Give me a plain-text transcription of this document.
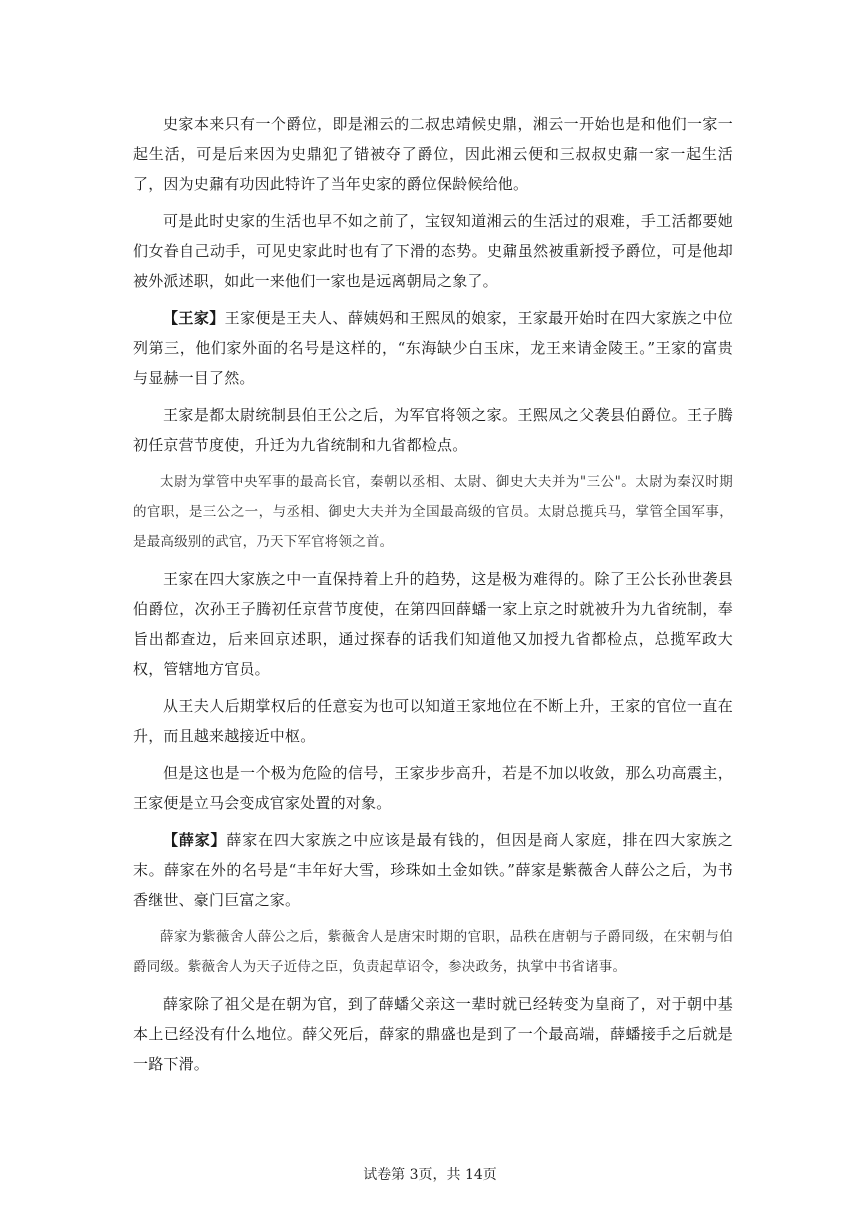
史家本来只有一个爵位，即是湘云的二叔忠靖候史鼎，湘云一开始也是和他们一家一起生活，可是后来因为史鼎犯了错被夺了爵位，因此湘云便和三叔叔史鼐一家一起生活了，因为史鼐有功因此特许了当年史家的爵位保龄候给他。

可是此时史家的生活也早不如之前了，宝钗知道湘云的生活过的艰难，手工活都要她们女眷自己动手，可见史家此时也有了下滑的态势。史鼐虽然被重新授予爵位，可是他却被外派述职，如此一来他们一家也是远离朝局之象了。

【王家】王家便是王夫人、薛姨妈和王熙凤的娘家，王家最开始时在四大家族之中位列第三，他们家外面的名号是这样的，“东海缺少白玉床，龙王来请金陵王。”王家的富贵与显赫一目了然。

王家是都太尉统制县伯王公之后，为军官将领之家。王熙凤之父袭县伯爵位。王子腾初任京营节度使，升迁为九省统制和九省都检点。

太尉为掌管中央军事的最高长官，秦朝以丞相、太尉、御史大夫并为"三公"。太尉为秦汉时期的官职，是三公之一，与丞相、御史大夫并为全国最高级的官员。太尉总揽兵马，掌管全国军事，是最高级别的武官，乃天下军官将领之首。

王家在四大家族之中一直保持着上升的趋势，这是极为难得的。除了王公长孙世袭县伯爵位，次孙王子腾初任京营节度使，在第四回薛蟠一家上京之时就被升为九省统制，奉旨出都查边，后来回京述职，通过探春的话我们知道他又加授九省都检点，总揽军政大权，管辖地方官员。

从王夫人后期掌权后的任意妄为也可以知道王家地位在不断上升，王家的官位一直在升，而且越来越接近中枢。

但是这也是一个极为危险的信号，王家步步高升，若是不加以收敛，那么功高震主，王家便是立马会变成官家处置的对象。

【薛家】薛家在四大家族之中应该是最有钱的，但因是商人家庭，排在四大家族之末。薛家在外的名号是“丰年好大雪，珍珠如土金如铁。”薛家是紫薇舍人薛公之后，为书香继世、豪门巨富之家。

薛家为紫薇舍人薛公之后，紫薇舍人是唐宋时期的官职，品秩在唐朝与子爵同级，在宋朝与伯爵同级。紫薇舍人为天子近侍之臣，负责起草诏令，参决政务，执掌中书省诸事。

薛家除了祖父是在朝为官，到了薛蟠父亲这一辈时就已经转变为皇商了，对于朝中基本上已经没有什么地位。薛父死后，薛家的鼎盛也是到了一个最高端，薛蟠接手之后就是一路下滑。

试卷第 3页，共 14页
